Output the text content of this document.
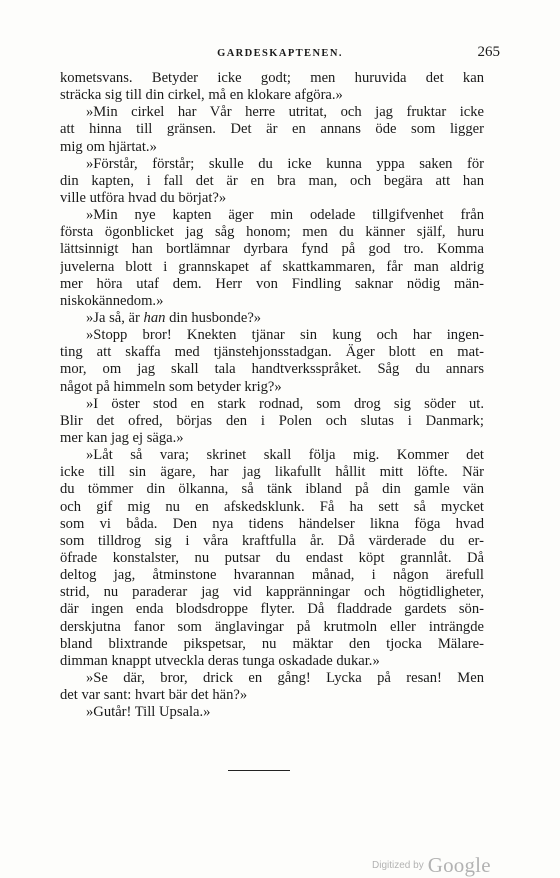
GARDESKAPTENEN.	265
kometsvans. Betyder icke godt; men huruvida det kan
sträcka sig till din cirkel, må en klokare afgöra.»
»Min cirkel har Vår herre utritat, och jag fruktar icke
att hinna till gränsen. Det är en annans öde som ligger
mig om hjärtat.»
»Förstår, förstår; skulle du icke kunna yppa saken för
din kapten, i fall det är en bra man, och begära att han
ville utföra hvad du börjat?»
»Min nye kapten äger min odelade tillgifvenhet från
första ögonblicket jag såg honom; men du känner själf, huru
lättsinnigt han bortlämnar dyrbara fynd på god tro. Komma
juvelerna blott i grannskapet af skattkammaren, får man aldrig
mer höra utaf dem. Herr von Findling saknar nödig män-
niskokännedom.»
»Ja så, är han din husbonde?»
»Stopp bror! Knekten tjänar sin kung och har ingen-
ting att skaffa med tjänstehjonsstadgan. Äger blott en mat-
mor, om jag skall tala handtverksspråket. Såg du annars
något på himmeln som betyder krig?»
»I öster stod en stark rodnad, som drog sig söder ut.
Blir det ofred, börjas den i Polen och slutas i Danmark;
mer kan jag ej säga.»
»Låt så vara; skrinet skall följa mig. Kommer det
icke till sin ägare, har jag likafullt hållit mitt löfte. När
du tömmer din ölkanna, så tänk ibland på din gamle vän
och gif mig nu en afskedsklunk. Få ha sett så mycket
som vi båda. Den nya tidens händelser likna föga hvad
som tilldrog sig i våra kraftfulla år. Då värderade du er-
öfrade konstalster, nu putsar du endast köpt grannlåt. Då
deltog jag, åtminstone hvarannan månad, i någon ärefull
strid, nu paraderar jag vid kappränningar och högtidligheter,
där ingen enda blodsdroppe flyter. Då fladdrade gardets sön-
derskjutna fanor som änglavingar på krutmoln eller inträngde
bland blixtrande pikspetsar, nu mäktar den tjocka Mälare-
dimman knappt utveckla deras tunga oskadade dukar.»
»Se där, bror, drick en gång! Lycka på resan! Men
det var sant: hvart bär det hän?»
»Gutår! Till Upsala.»
Digitized by Google
